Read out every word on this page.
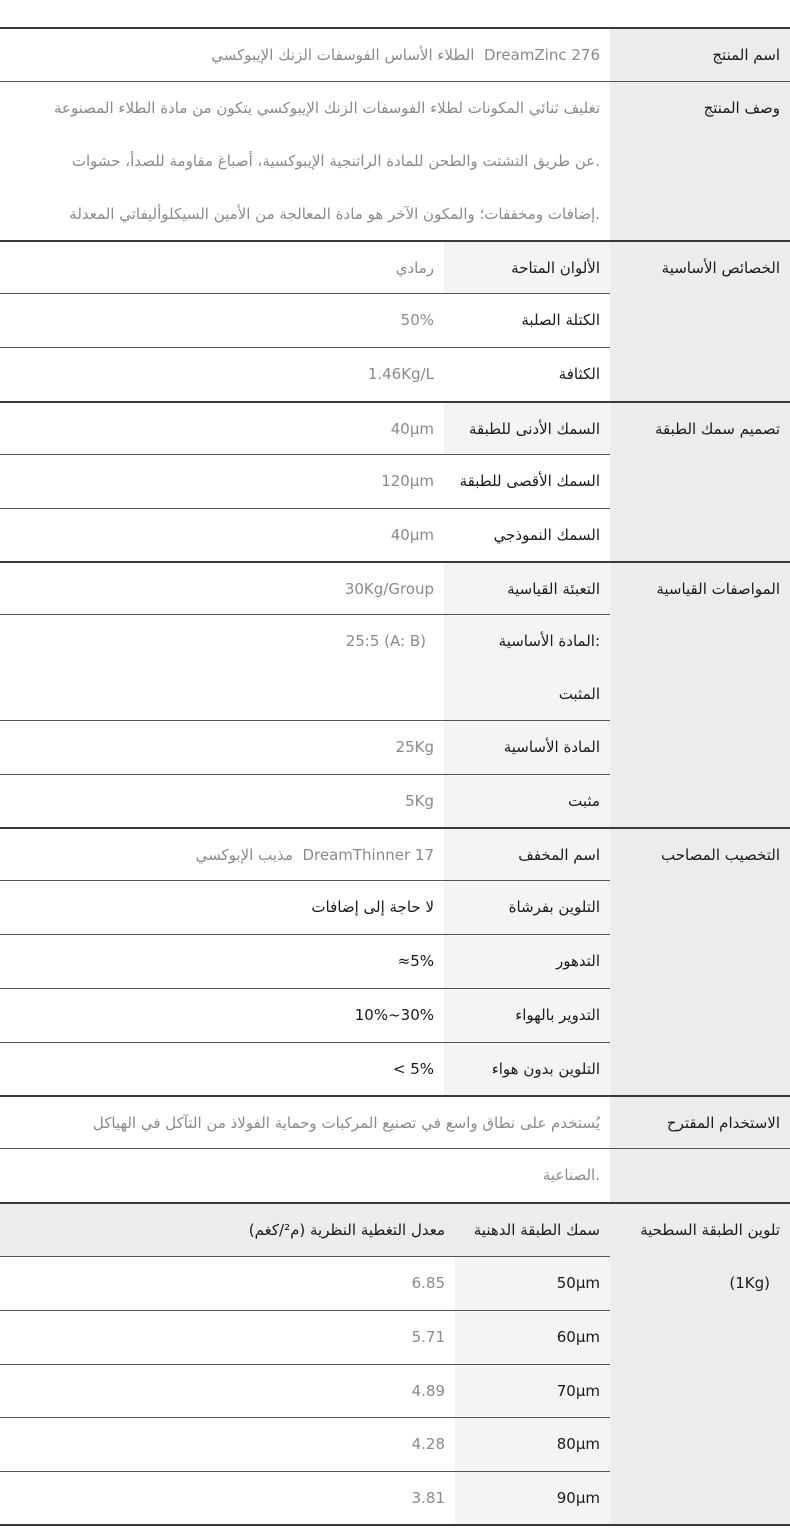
اسم المنتج
DreamZinc 276  الطلاء الأساس الفوسفات الزنك الإيبوكسي
وصف المنتج
تغليف ثنائي المكونات لطلاء الفوسفات الزنك الإيبوكسي يتكون من مادة الطلاء المصنوعة
.عن طريق التشتت والطحن للمادة الراتنجية الإيبوكسية، أصباغ مقاومة للصدأ، حشوات
.إضافات ومخففات؛ والمكون الآخر هو مادة المعالجة من الأمين السيكلوأليفاتي المعدلة
الخصائص الأساسية
الألوان المتاحة
رمادي
الكتلة الصلبة
50%
الكثافة
1.46Kg/L
تصميم سمك الطبقة
السمك الأدنى للطبقة
40μm
السمك الأقصى للطبقة
120μm
السمك النموذجي
40μm
المواصفات القياسية
التعبئة القياسية
30Kg/Group
:المادة الأساسية
المثبت
25:5 (A: B)
المادة الأساسية
25Kg
مثبت
5Kg
التخصيب المصاحب
اسم المخفف
DreamThinner 17  مذيب الإبوكسي
التلوين بفرشاة
لا حاجة إلى إضافات
التدهور
≈5%
التدوير بالهواء
10%~30%
التلوين بدون هواء
< 5%
الاستخدام المقترح
يُستخدم على نطاق واسع في تصنيع المركبات وحماية الفولاذ من التآكل في الهياكل
.الصناعية
تلوين الطبقة السطحية
(1Kg)
سمك الطبقة الدهنية
معدل التغطية النظرية (م²/كغم)
50μm
6.85
60μm
5.71
70μm
4.89
80μm
4.28
90μm
3.81
